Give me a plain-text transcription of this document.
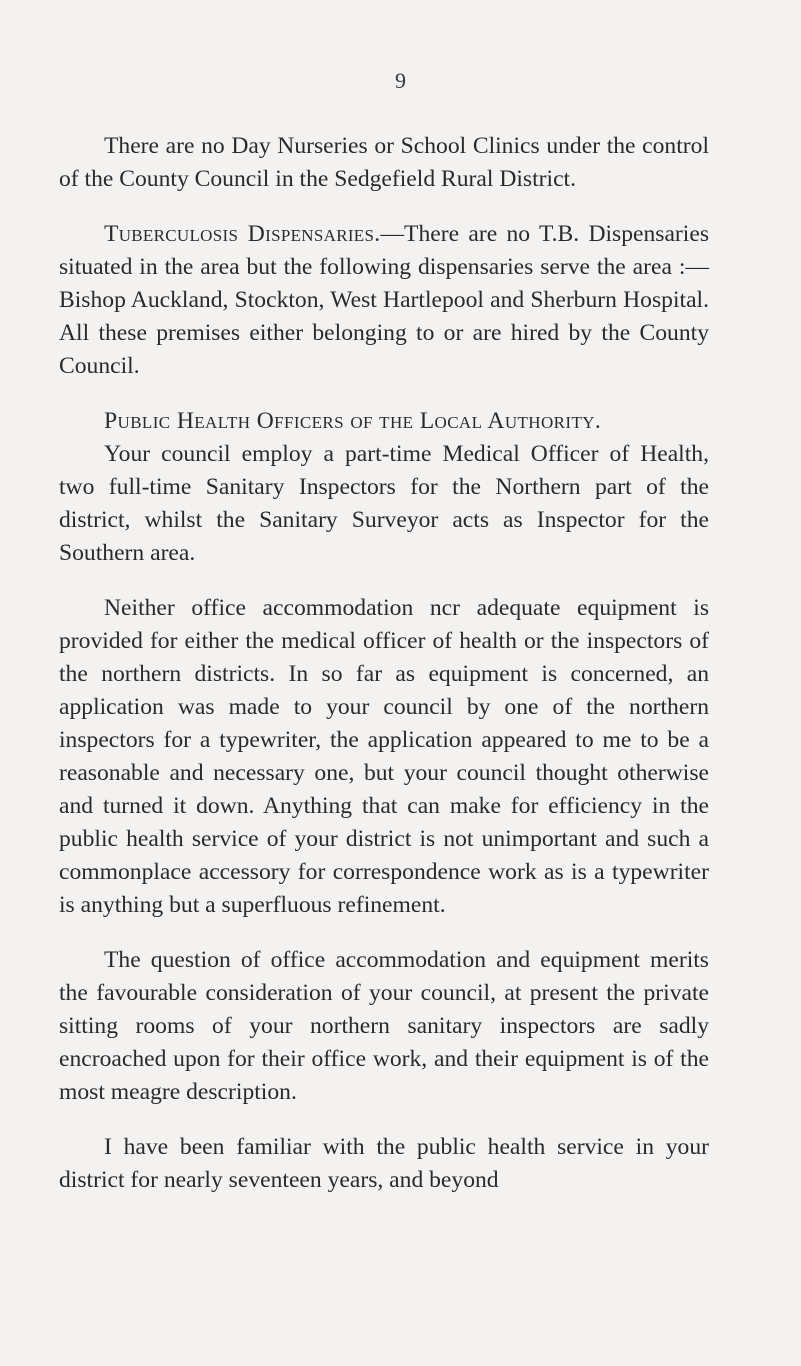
9

There are no Day Nurseries or School Clinics under the control of the County Council in the Sedgefield Rural District.

Tuberculosis Dispensaries.—There are no T.B. Dispensaries situated in the area but the following dispensaries serve the area :—Bishop Auckland, Stockton, West Hartlepool and Sherburn Hospital. All these premises either belonging to or are hired by the County Council.

Public Health Officers of the Local Authority.

Your council employ a part-time Medical Officer of Health, two full-time Sanitary Inspectors for the Northern part of the district, whilst the Sanitary Surveyor acts as Inspector for the Southern area.

Neither office accommodation ncr adequate equipment is provided for either the medical officer of health or the inspectors of the northern districts. In so far as equipment is concerned, an application was made to your council by one of the northern inspectors for a typewriter, the application appeared to me to be a reasonable and necessary one, but your council thought otherwise and turned it down. Anything that can make for efficiency in the public health service of your district is not unimportant and such a commonplace accessory for correspondence work as is a typewriter is anything but a superfluous refinement.

The question of office accommodation and equipment merits the favourable consideration of your council, at present the private sitting rooms of your northern sanitary inspectors are sadly encroached upon for their office work, and their equipment is of the most meagre description.

I have been familiar with the public health service in your district for nearly seventeen years, and beyond
